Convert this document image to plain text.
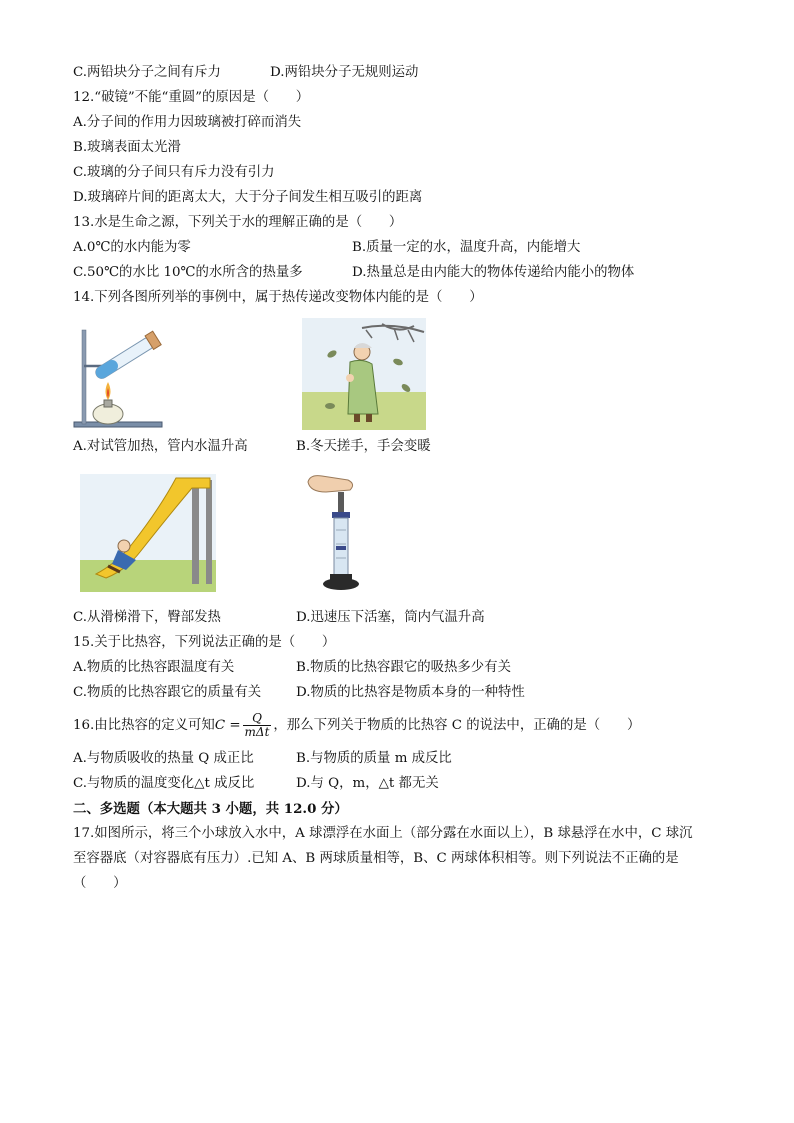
C.两铅块分子之间有斥力	D.两铅块分子无规则运动
12.“破镜”不能“重圆”的原因是（　　）
A.分子间的作用力因玻璃被打碎而消失
B.玻璃表面太光滑
C.玻璃的分子间只有斥力没有引力
D.玻璃碎片间的距离太大，大于分子间发生相互吸引的距离
13.水是生命之源，下列关于水的理解正确的是（　　）
A.0℃的水内能为零	B.质量一定的水，温度升高，内能增大
C.50℃的水比 10℃的水所含的热量多	D.热量总是由内能大的物体传递给内能小的物体
14.下列各图所列举的事例中，属于热传递改变物体内能的是（　　）
A.对试管加热，管内水温升高	B.冬天搓手，手会变暖
C.从滑梯滑下，臀部发热	D.迅速压下活塞，筒内气温升高
15.关于比热容，下列说法正确的是（　　）
A.物质的比热容跟温度有关	B.物质的比热容跟它的吸热多少有关
C.物质的比热容跟它的质量有关	D.物质的比热容是物质本身的一种特性
16.由比热容的定义可知$C = \frac{Q}{\text{mΔt}}$ ，那么下列关于物质的比热容 C 的说法中，正确的是（　　）
A.与物质吸收的热量 Q 成正比	B.与物质的质量 m 成反比
C.与物质的温度变化△t 成反比	D.与 Q，m，△t 都无关
二、多选题（本大题共 3 小题，共 12.0 分）
17.如图所示，将三个小球放入水中，A 球漂浮在水面上（部分露在水面以上），B 球悬浮在水中，C 球沉
至容器底（对容器底有压力）.已知 A、B 两球质量相等，B、C 两球体积相等。则下列说法不正确的是
（　　）
